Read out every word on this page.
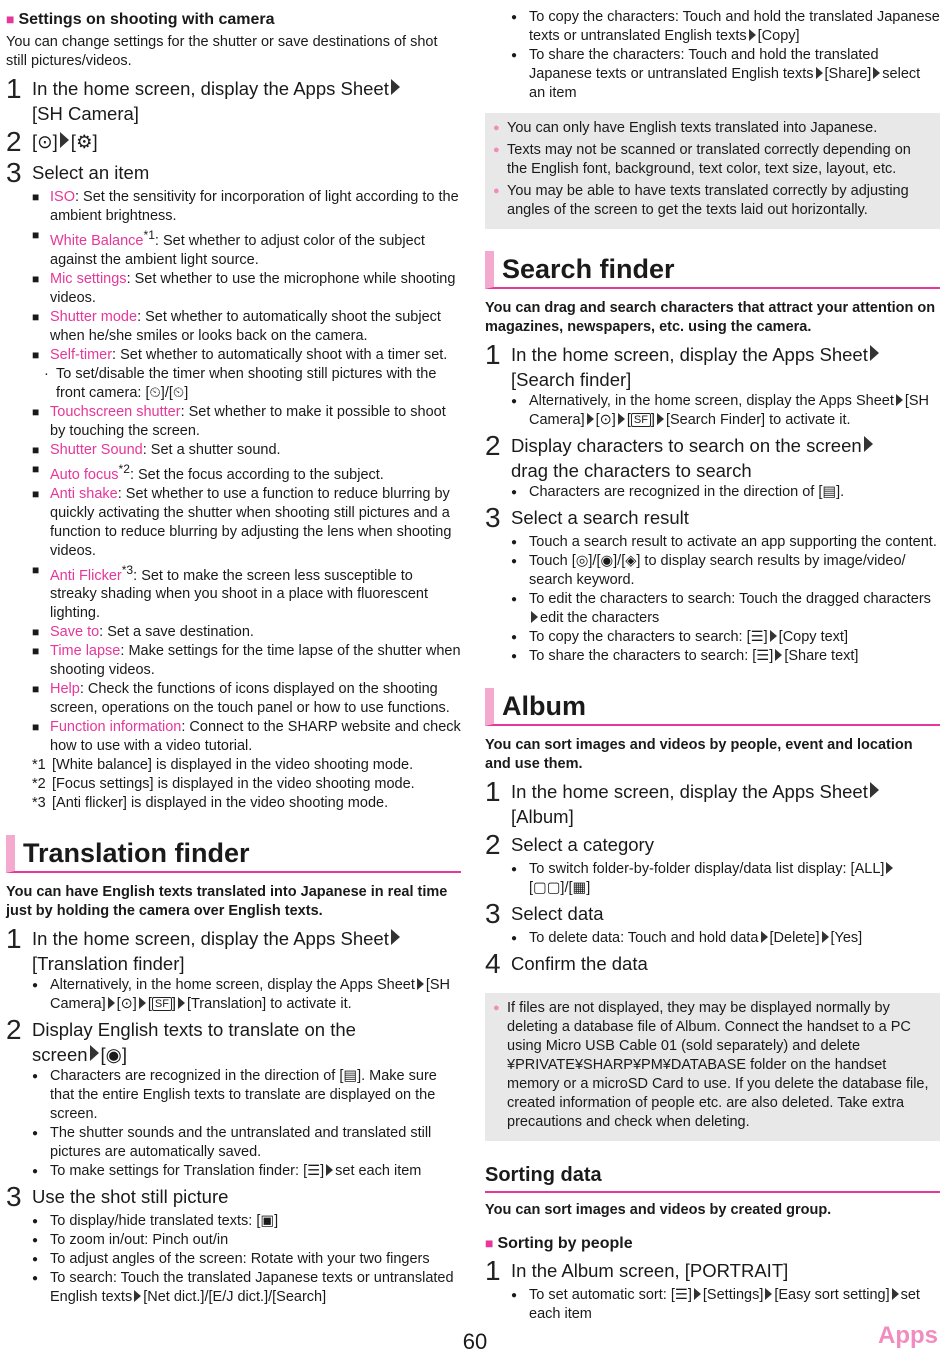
■ Settings on shooting with camera
You can change settings for the shutter or save destinations of shot still pictures/videos.
1 In the home screen, display the Apps Sheet
[SH Camera]
2 [⊙] [⚙]
3 Select an item
■ ISO: Set the sensitivity for incorporation of light according to the ambient brightness.
■ White Balance$^{*1}$: Set whether to adjust color of the subject against the ambient light source.
■ Mic settings: Set whether to use the microphone while shooting videos.
■ Shutter mode: Set whether to automatically shoot the subject when he/she smiles or looks back on the camera.
■ Self-timer: Set whether to automatically shoot with a timer set.
· To set/disable the timer when shooting still pictures with the front camera: [⏲]/[⏲]
■ Touchscreen shutter: Set whether to make it possible to shoot by touching the screen.
■ Shutter Sound: Set a shutter sound.
■ Auto focus$^{*2}$: Set the focus according to the subject.
■ Anti shake: Set whether to use a function to reduce blurring by quickly activating the shutter when shooting still pictures and a function to reduce blurring by adjusting the lens when shooting videos.
■ Anti Flicker$^{*3}$: Set to make the screen less susceptible to streaky shading when you shoot in a place with fluorescent lighting.
■ Save to: Set a save destination.
■ Time lapse: Make settings for the time lapse of the shutter when shooting videos.
■ Help: Check the functions of icons displayed on the shooting screen, operations on the touch panel or how to use functions.
■ Function information: Connect to the SHARP website and check how to use with a video tutorial.
*1 [White balance] is displayed in the video shooting mode.
*2 [Focus settings] is displayed in the video shooting mode.
*3 [Anti flicker] is displayed in the video shooting mode.
Translation finder
You can have English texts translated into Japanese in real time just by holding the camera over English texts.
1 In the home screen, display the Apps Sheet
[Translation finder]
● Alternatively, in the home screen, display the Apps Sheet [SH Camera] [⊙] [ SF ] [Translation] to activate it.
2 Display English texts to translate on the
screen [◉]
● Characters are recognized in the direction of [▤]. Make sure that the entire English texts to translate are displayed on the screen.
● The shutter sounds and the untranslated and translated still pictures are automatically saved.
● To make settings for Translation finder: [☰] set each item
3 Use the shot still picture
● To display/hide translated texts: [▣]
● To zoom in/out: Pinch out/in
● To adjust angles of the screen: Rotate with your two fingers
● To search: Touch the translated Japanese texts or untranslated English texts [Net dict.]/[E/J dict.]/[Search]
● To copy the characters: Touch and hold the translated Japanese texts or untranslated English texts [Copy]
● To share the characters: Touch and hold the translated Japanese texts or untranslated English texts [Share] select an item
● You can only have English texts translated into Japanese.
● Texts may not be scanned or translated correctly depending on the English font, background, text color, text size, layout, etc.
● You may be able to have texts translated correctly by adjusting angles of the screen to get the texts laid out horizontally.
Search finder
You can drag and search characters that attract your attention on magazines, newspapers, etc. using the camera.
1 In the home screen, display the Apps Sheet
[Search finder]
● Alternatively, in the home screen, display the Apps Sheet [SH Camera] [⊙] [ SF ] [Search Finder] to activate it.
2 Display characters to search on the screen
drag the characters to search
● Characters are recognized in the direction of [▤].
3 Select a search result
● Touch a search result to activate an app supporting the content.
● Touch [◎]/[◉]/[◈] to display search results by image/video/ search keyword.
● To edit the characters to search: Touch the dragged charactersedit the characters
● To copy the characters to search: [☰] [Copy text]
● To share the characters to search: [☰] [Share text]
Album
You can sort images and videos by people, event and location and use them.
1 In the home screen, display the Apps Sheet
[Album]
2 Select a category
● To switch folder-by-folder display/data list display: [ALL]
[▢▢]/[▦]
3 Select data
● To delete data: Touch and hold data [Delete] [Yes]
4 Confirm the data
● If files are not displayed, they may be displayed normally by deleting a database file of Album. Connect the handset to a PC using Micro USB Cable 01 (sold separately) and delete ¥PRIVATE¥SHARP¥PM¥DATABASE folder on the handset memory or a microSD Card to use. If you delete the database file, created information of people etc. are also deleted. Take extra precautions and check when deleting.
Sorting data
You can sort images and videos by created group.
■ Sorting by people
1 In the Album screen, [PORTRAIT]
● To set automatic sort: [☰] [Settings] [Easy sort setting] set each item
60	Apps
